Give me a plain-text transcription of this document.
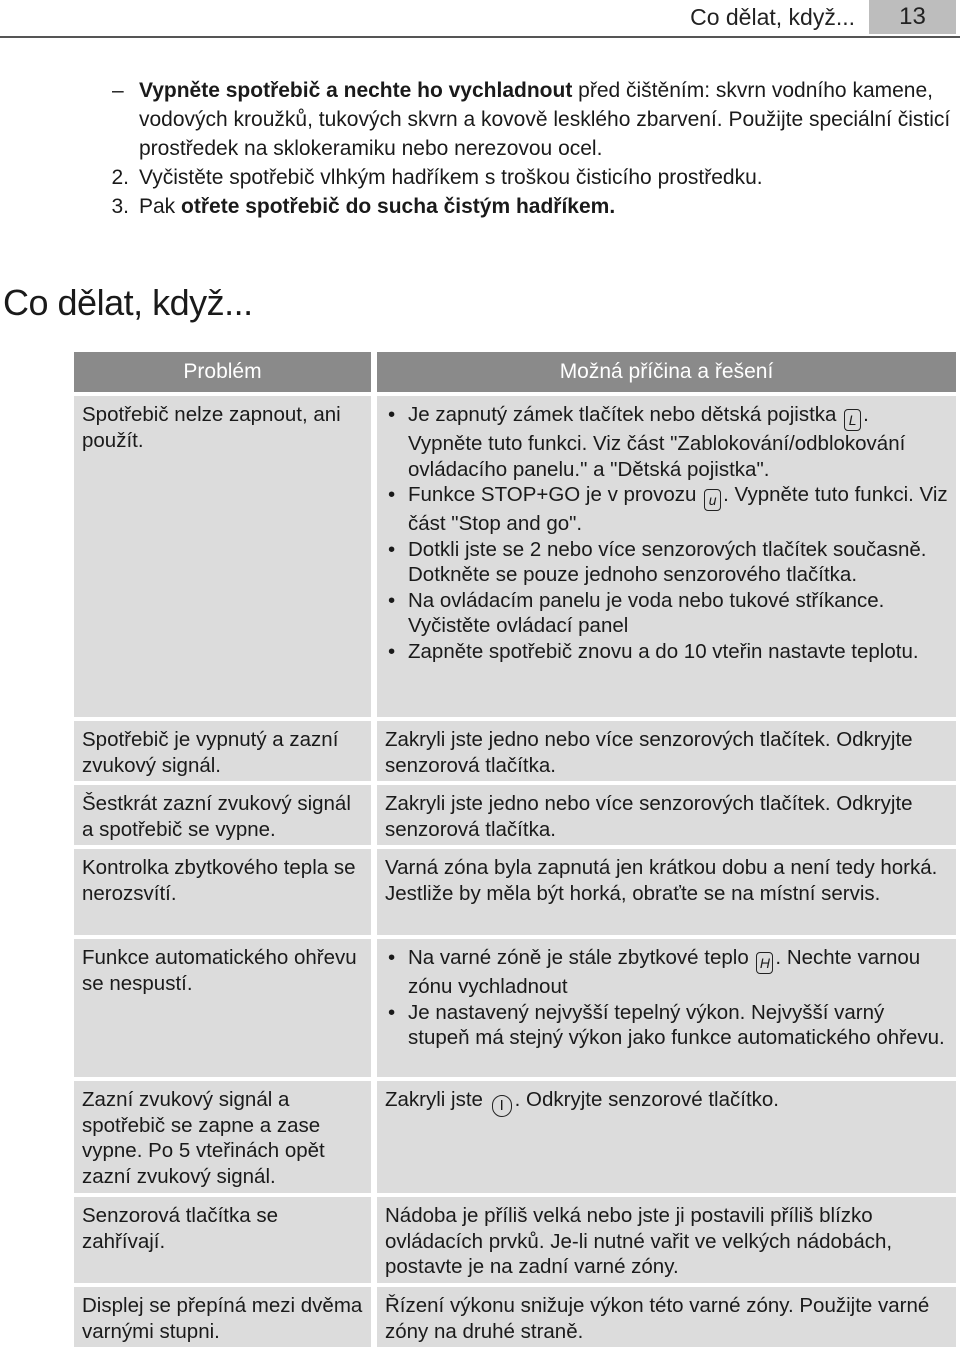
Co dělat, když...	13
– Vypněte spotřebič a nechte ho vychladnout před čištěním: skvrn vodního kamene, vodových kroužků, tukových skvrn a kovově lesklého zbarvení. Použijte speciální čisticí prostředek na sklokeramiku nebo nerezovou ocel.
2. Vyčistěte spotřebič vlhkým hadříkem s troškou čisticího prostředku.
3. Pak otřete spotřebič do sucha čistým hadříkem.
Co dělat, když...
Problém	Možná příčina a řešení
Spotřebič nelze zapnout, ani použít.
• Je zapnutý zámek tlačítek nebo dětská pojistka L . Vypněte tuto funkci. Viz část "Zablokování/odblokování ovládacího panelu." a "Dětská pojistka".
• Funkce STOP+GO je v provozu u . Vypněte tuto funkci. Viz část "Stop and go".
• Dotkli jste se 2 nebo více senzorových tlačítek současně. Dotkněte se pouze jednoho senzorového tlačítka.
• Na ovládacím panelu je voda nebo tukové stříkance. Vyčistěte ovládací panel
• Zapněte spotřebič znovu a do 10 vteřin nastavte teplotu.
Spotřebič je vypnutý a zazní zvukový signál.
Zakryli jste jedno nebo více senzorových tlačítek. Odkryjte senzorová tlačítka.
Šestkrát zazní zvukový signál a spotřebič se vypne.
Zakryli jste jedno nebo více senzorových tlačítek. Odkryjte senzorová tlačítka.
Kontrolka zbytkového tepla se nerozsvítí.
Varná zóna byla zapnutá jen krátkou dobu a není tedy horká. Jestliže by měla být horká, obraťte se na místní servis.
Funkce automatického ohřevu se nespustí.
• Na varné zóně je stále zbytkové teplo H . Nechte varnou zónu vychladnout
• Je nastavený nejvyšší tepelný výkon. Nejvyšší varný stupeň má stejný výkon jako funkce automatického ohřevu.
Zazní zvukový signál a spotřebič se zapne a zase vypne. Po 5 vteřinách opět zazní zvukový signál.
Zakryli jste I . Odkryjte senzorové tlačítko.
Senzorová tlačítka se zahřívají.
Nádoba je příliš velká nebo jste ji postavili příliš blízko ovládacích prvků. Je-li nutné vařit ve velkých nádobách, postavte je na zadní varné zóny.
Displej se přepíná mezi dvěma varnými stupni.
Řízení výkonu snižuje výkon této varné zóny. Použijte varné zóny na druhé straně.
